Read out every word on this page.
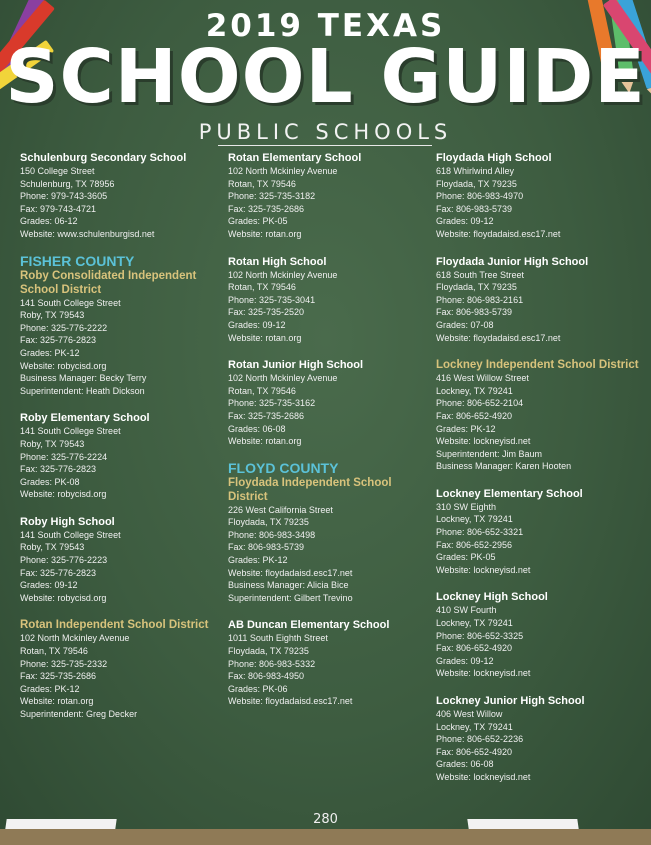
2019 TEXAS
SCHOOL GUIDE
PUBLIC SCHOOLS
Schulenburg Secondary School
150 College Street
Schulenburg, TX 78956
Phone: 979-743-3605
Fax: 979-743-4721
Grades: 06-12
Website: www.schulenburgisd.net
FISHER COUNTY
Roby Consolidated Independent School District
141 South College Street
Roby, TX 79543
Phone: 325-776-2222
Fax: 325-776-2823
Grades: PK-12
Website: robycisd.org
Business Manager: Becky Terry
Superintendent: Heath Dickson
Roby Elementary School
141 South College Street
Roby, TX 79543
Phone: 325-776-2224
Fax: 325-776-2823
Grades: PK-08
Website: robycisd.org
Roby High School
141 South College Street
Roby, TX 79543
Phone: 325-776-2223
Fax: 325-776-2823
Grades: 09-12
Website: robycisd.org
Rotan Independent School District
102 North Mckinley Avenue
Rotan, TX 79546
Phone: 325-735-2332
Fax: 325-735-2686
Grades: PK-12
Website: rotan.org
Superintendent: Greg Decker
Rotan Elementary School
102 North Mckinley Avenue
Rotan, TX 79546
Phone: 325-735-3182
Fax: 325-735-2686
Grades: PK-05
Website: rotan.org
Rotan High School
102 North Mckinley Avenue
Rotan, TX 79546
Phone: 325-735-3041
Fax: 325-735-2520
Grades: 09-12
Website: rotan.org
Rotan Junior High School
102 North Mckinley Avenue
Rotan, TX 79546
Phone: 325-735-3162
Fax: 325-735-2686
Grades: 06-08
Website: rotan.org
FLOYD COUNTY
Floydada Independent School District
226 West California Street
Floydada, TX 79235
Phone: 806-983-3498
Fax: 806-983-5739
Grades: PK-12
Website: floydadaisd.esc17.net
Business Manager: Alicia Bice
Superintendent: Gilbert Trevino
AB Duncan Elementary School
1011 South Eighth Street
Floydada, TX 79235
Phone: 806-983-5332
Fax: 806-983-4950
Grades: PK-06
Website: floydadaisd.esc17.net
Floydada High School
618 Whirlwind Alley
Floydada, TX 79235
Phone: 806-983-4970
Fax: 806-983-5739
Grades: 09-12
Website: floydadaisd.esc17.net
Floydada Junior High School
618 South Tree Street
Floydada, TX 79235
Phone: 806-983-2161
Fax: 806-983-5739
Grades: 07-08
Website: floydadaisd.esc17.net
Lockney Independent School District
416 West Willow Street
Lockney, TX 79241
Phone: 806-652-2104
Fax: 806-652-4920
Grades: PK-12
Website: lockneyisd.net
Superintendent: Jim Baum
Business Manager: Karen Hooten
Lockney Elementary School
310 SW Eighth
Lockney, TX 79241
Phone: 806-652-3321
Fax: 806-652-2956
Grades: PK-05
Website: lockneyisd.net
Lockney High School
410 SW Fourth
Lockney, TX 79241
Phone: 806-652-3325
Fax: 806-652-4920
Grades: 09-12
Website: lockneyisd.net
Lockney Junior High School
406 West Willow
Lockney, TX 79241
Phone: 806-652-2236
Fax: 806-652-4920
Grades: 06-08
Website: lockneyisd.net
280
